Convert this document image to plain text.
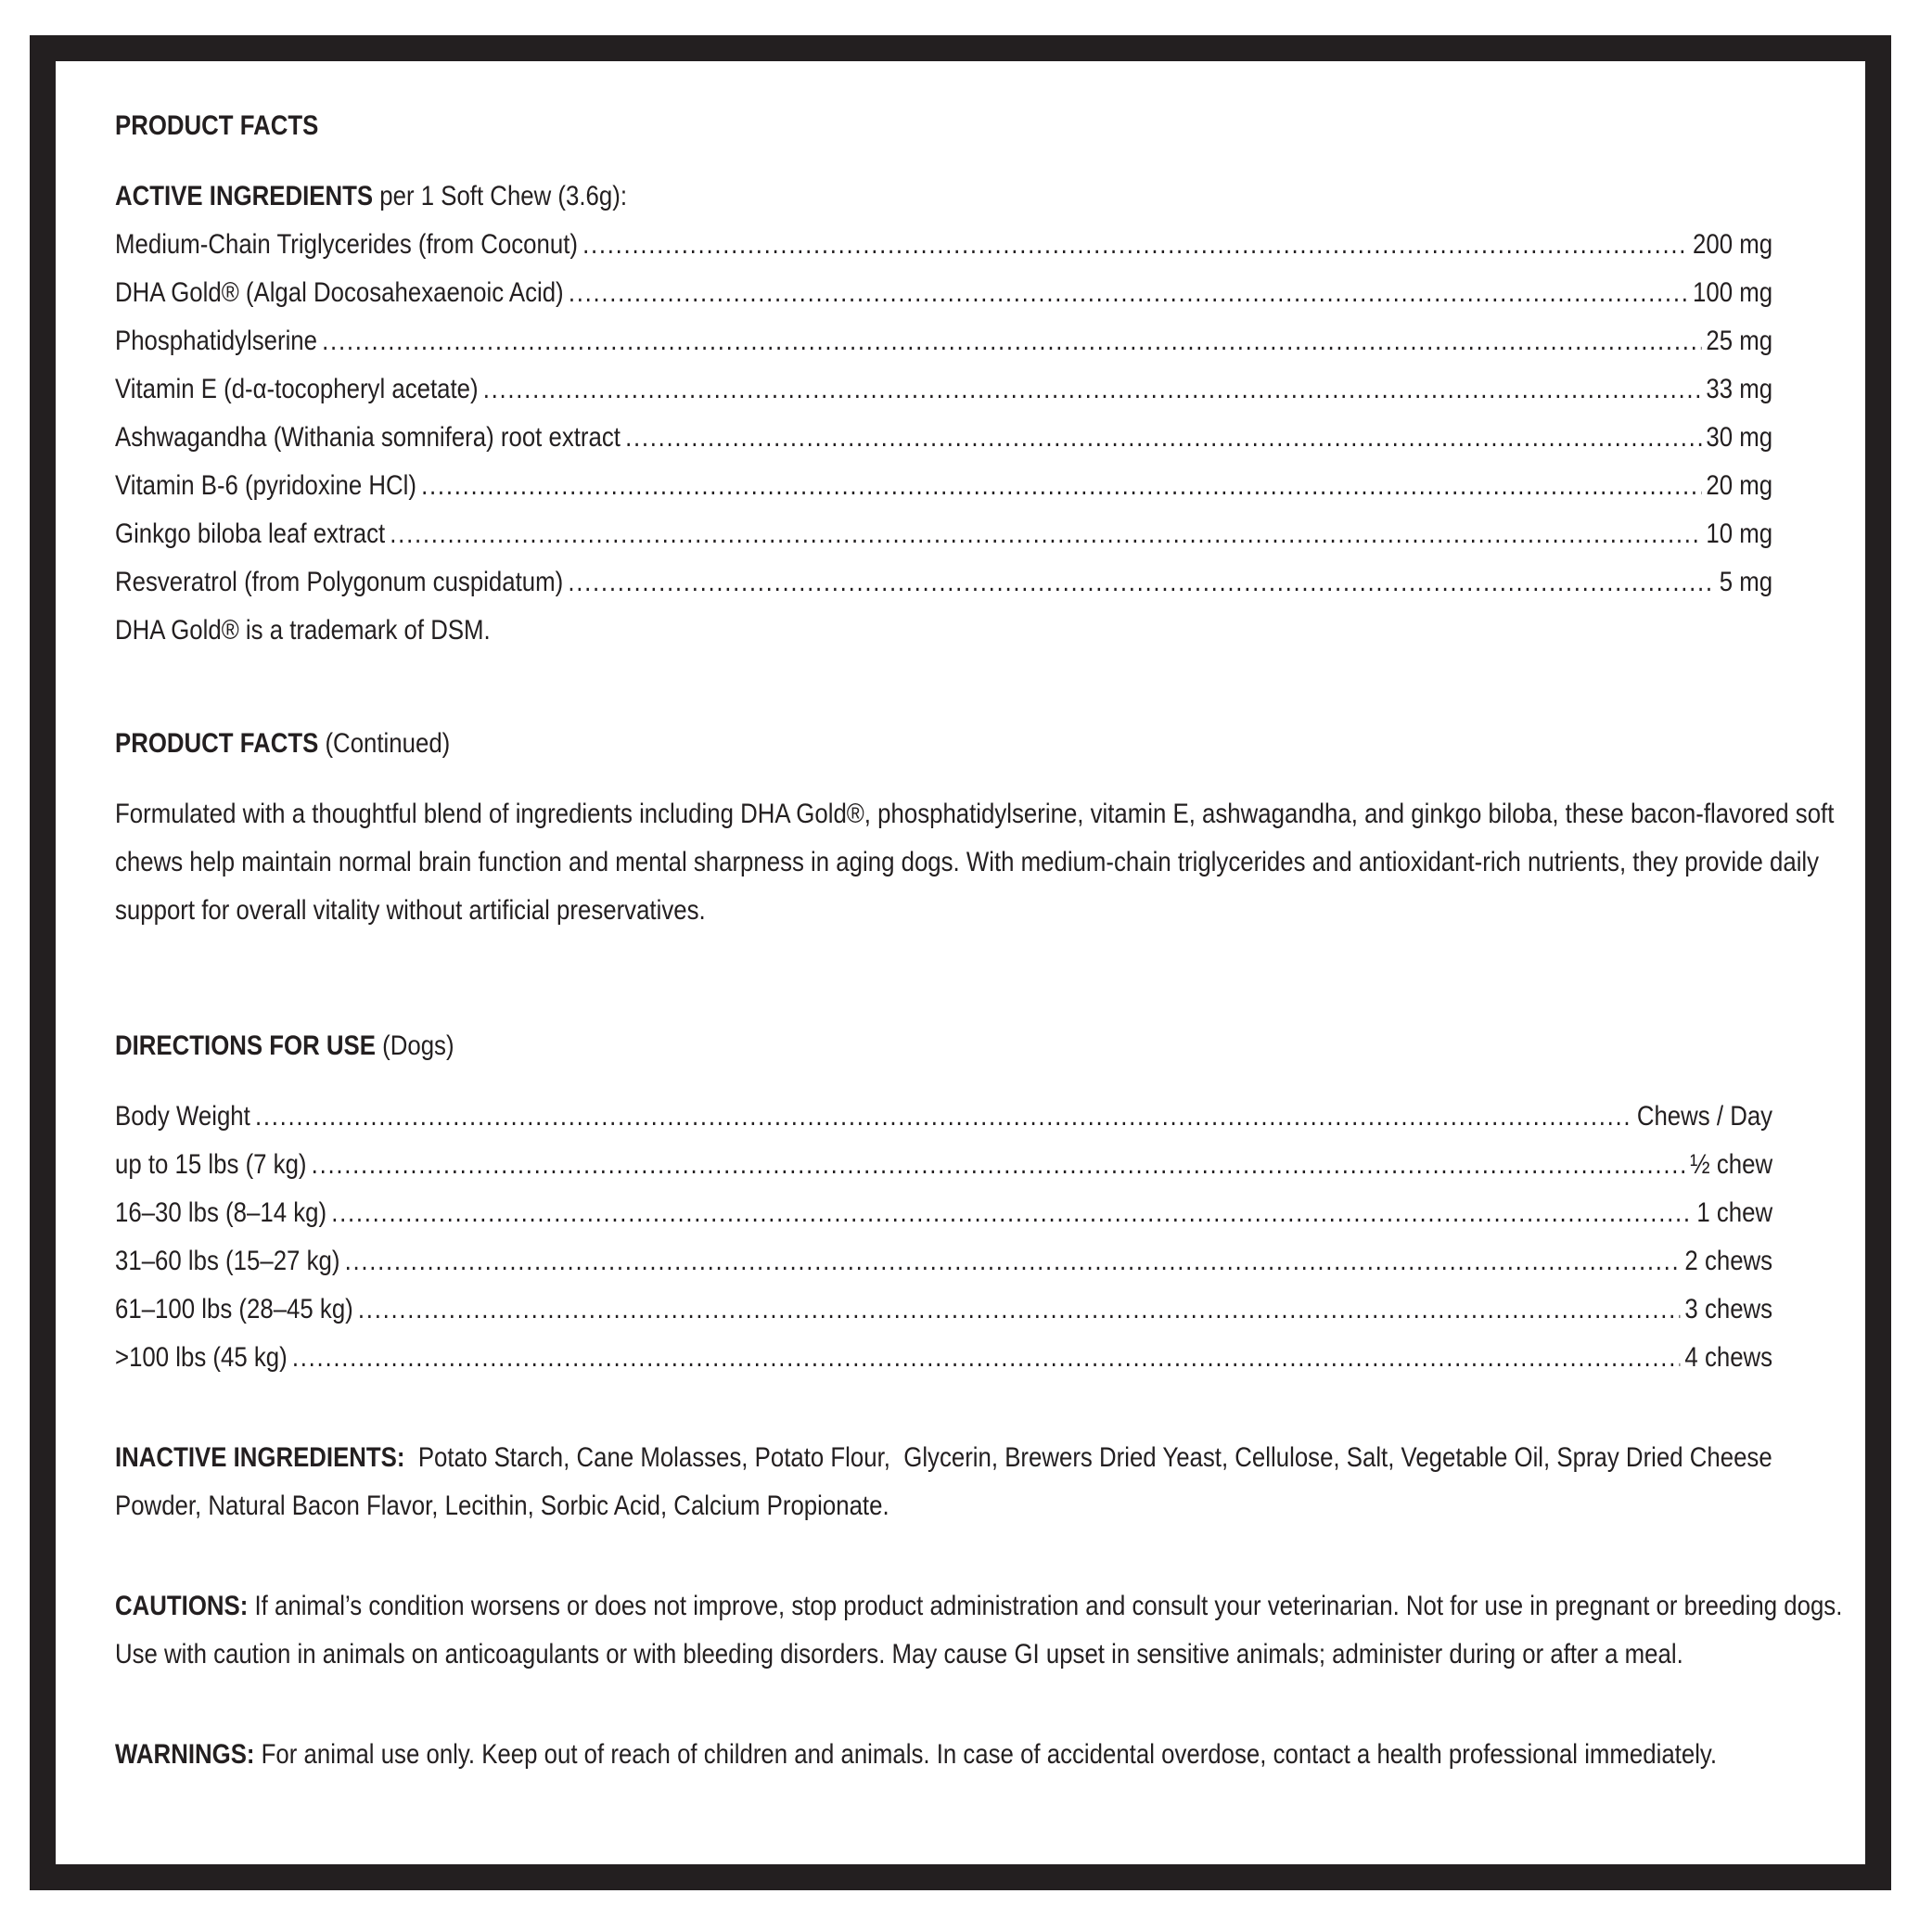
PRODUCT FACTS
ACTIVE INGREDIENTS per 1 Soft Chew (3.6g):
Medium-Chain Triglycerides (from Coconut) .....	200 mg
DHA Gold® (Algal Docosahexaenoic Acid) .....	100 mg
Phosphatidylserine .....	25 mg
Vitamin E (d-α-tocopheryl acetate) .....	33 mg
Ashwagandha (Withania somnifera) root extract .....	30 mg
Vitamin B-6 (pyridoxine HCl) .....	20 mg
Ginkgo biloba leaf extract .....	10 mg
Resveratrol (from Polygonum cuspidatum) .....	5 mg
DHA Gold® is a trademark of DSM.
PRODUCT FACTS (Continued)
Formulated with a thoughtful blend of ingredients including DHA Gold®, phosphatidylserine, vitamin E, ashwagandha, and ginkgo biloba, these bacon-flavored soft chews help maintain normal brain function and mental sharpness in aging dogs. With medium-chain triglycerides and antioxidant-rich nutrients, they provide daily support for overall vitality without artificial preservatives.
DIRECTIONS FOR USE (Dogs)
Body Weight .....	Chews / Day
up to 15 lbs (7 kg) .....	½ chew
16–30 lbs (8–14 kg) .....	1 chew
31–60 lbs (15–27 kg) .....	2 chews
61–100 lbs (28–45 kg) .....	3 chews
>100 lbs (45 kg) .....	4 chews
INACTIVE INGREDIENTS:  Potato Starch, Cane Molasses, Potato Flour,  Glycerin, Brewers Dried Yeast, Cellulose, Salt, Vegetable Oil, Spray Dried Cheese Powder, Natural Bacon Flavor, Lecithin, Sorbic Acid, Calcium Propionate.
CAUTIONS: If animal’s condition worsens or does not improve, stop product administration and consult your veterinarian. Not for use in pregnant or breeding dogs. Use with caution in animals on anticoagulants or with bleeding disorders. May cause GI upset in sensitive animals; administer during or after a meal.
WARNINGS: For animal use only. Keep out of reach of children and animals. In case of accidental overdose, contact a health professional immediately.
